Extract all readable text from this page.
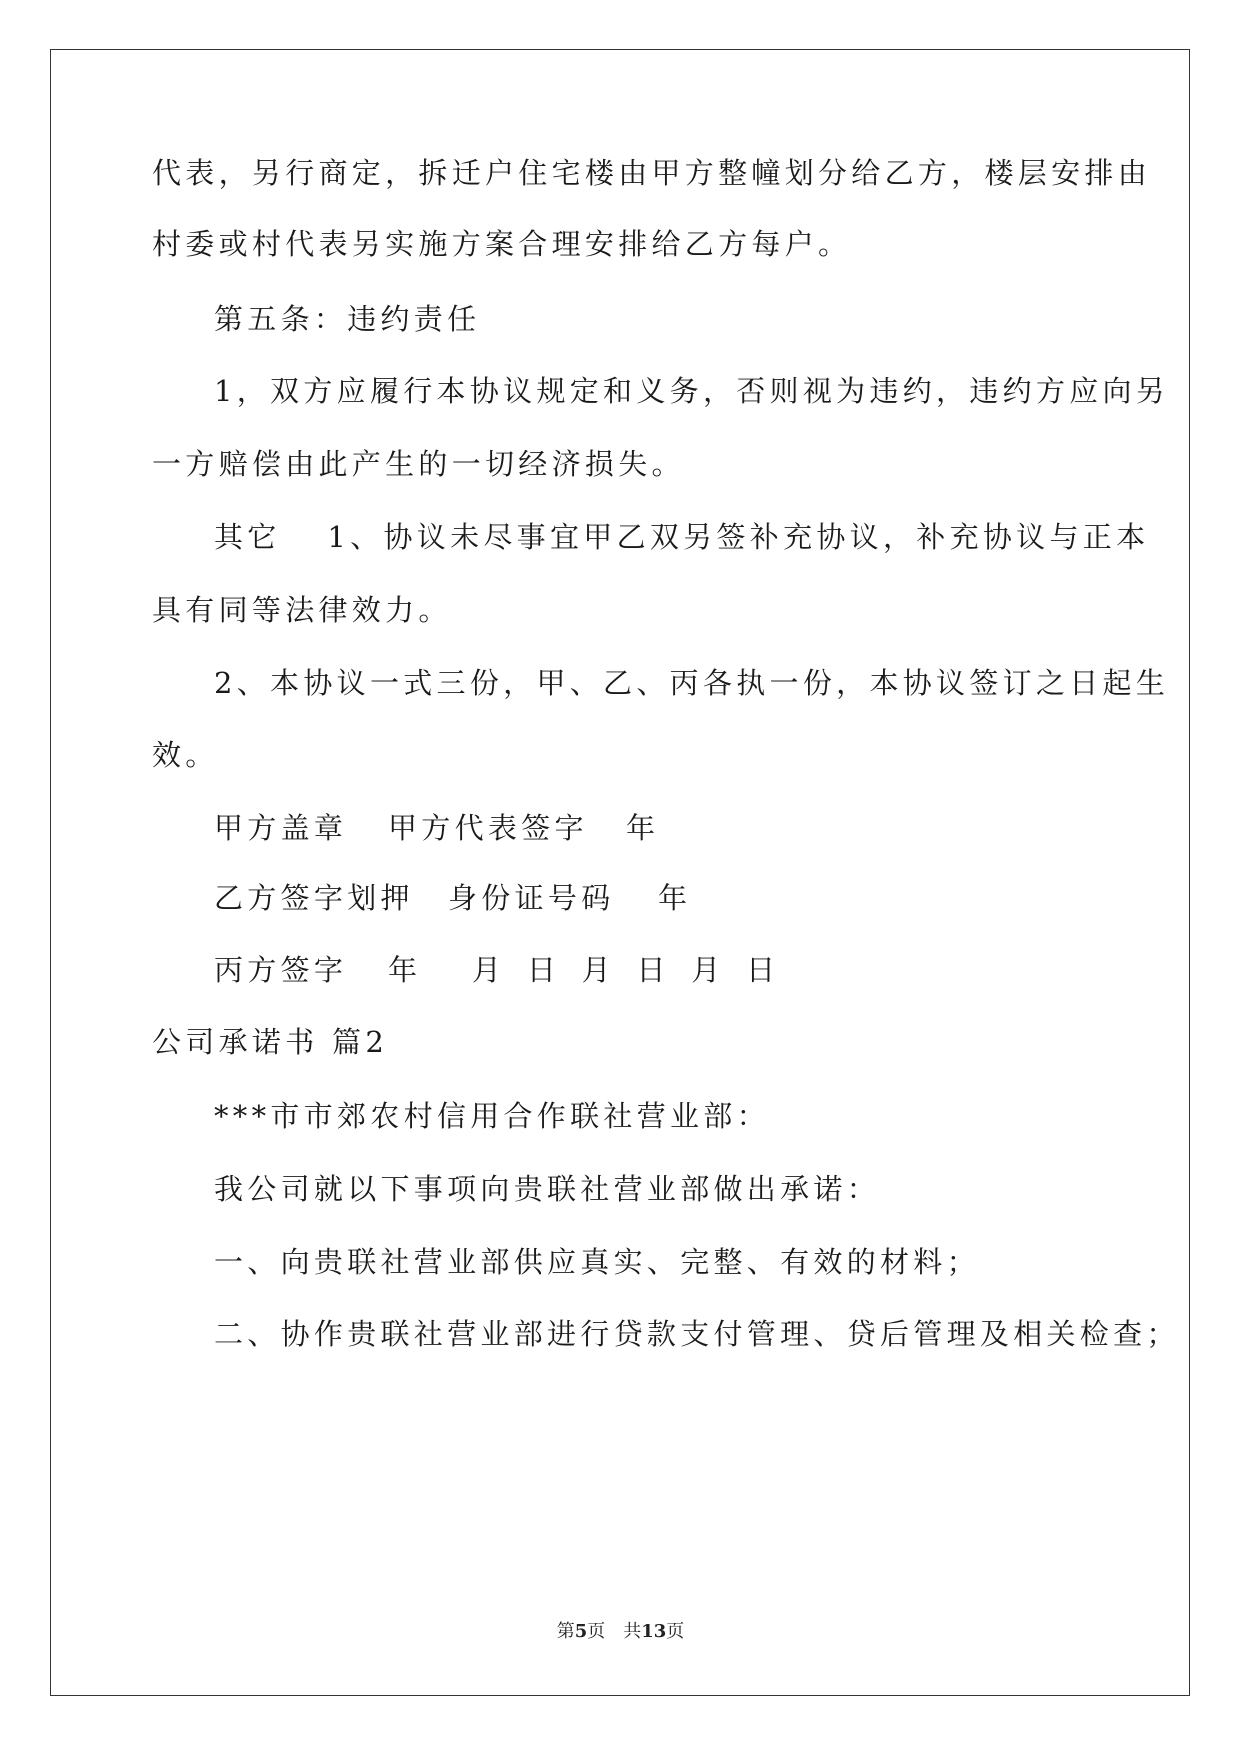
代表，另行商定，拆迁户住宅楼由甲方整幢划分给乙方，楼层安排由
村委或村代表另实施方案合理安排给乙方每户。
第五条：违约责任
1，双方应履行本协议规定和义务，否则视为违约，违约方应向另
一方赔偿由此产生的一切经济损失。
其它　 1、协议未尽事宜甲乙双另签补充协议，补充协议与正本
具有同等法律效力。
2、本协议一式三份，甲、乙、丙各执一份，本协议签订之日起生
效。
甲方盖章 甲方代表签字 年
乙方签字划押 身份证号码 年
丙方签字 年 月 日 月 日 月 日
公司承诺书 篇2
***市市郊农村信用合作联社营业部：
我公司就以下事项向贵联社营业部做出承诺：
一、向贵联社营业部供应真实、完整、有效的材料；
二、协作贵联社营业部进行贷款支付管理、贷后管理及相关检查；
第5页　共13页
